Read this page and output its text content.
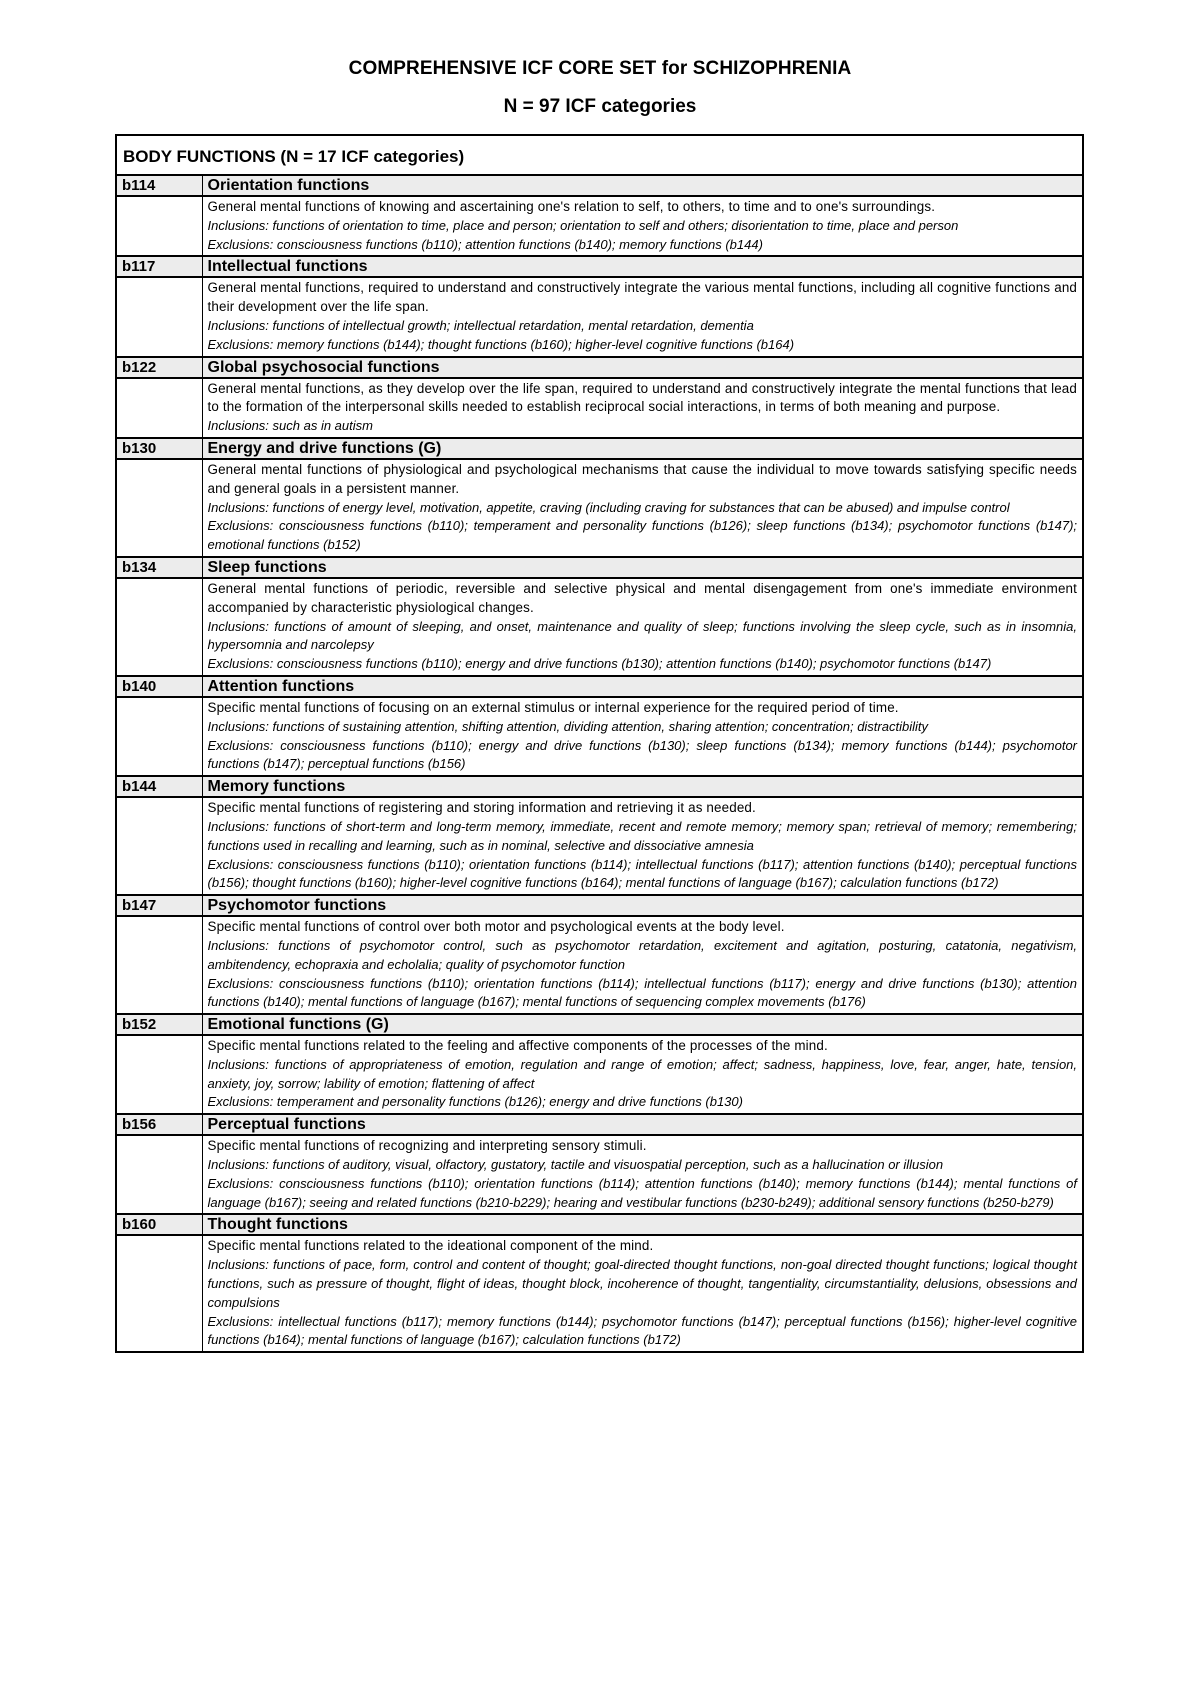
COMPREHENSIVE ICF CORE SET for SCHIZOPHRENIA
N = 97 ICF categories
BODY FUNCTIONS (N = 17 ICF categories)	
b114	Orientation functions

	General mental functions of knowing and ascertaining one's relation to self, to others, to time and to one's surroundings.
Inclusions: functions of orientation to time, place and person; orientation to self and others; disorientation to time, place and person
Exclusions: consciousness functions (b110); attention functions (b140); memory functions (b144)

b117	Intellectual functions

	General mental functions, required to understand and constructively integrate the various mental functions, including all cognitive functions and their development over the life span.
Inclusions: functions of intellectual growth; intellectual retardation, mental retardation, dementia
Exclusions: memory functions (b144); thought functions (b160); higher-level cognitive functions (b164)

b122	Global psychosocial functions

	General mental functions, as they develop over the life span, required to understand and constructively integrate the mental functions that lead to the formation of the interpersonal skills needed to establish reciprocal social interactions, in terms of both meaning and purpose.
Inclusions: such as in autism

b130	Energy and drive functions (G)

	General mental functions of physiological and psychological mechanisms that cause the individual to move towards satisfying specific needs and general goals in a persistent manner.
Inclusions: functions of energy level, motivation, appetite, craving (including craving for substances that can be abused) and impulse control
Exclusions: consciousness functions (b110); temperament and personality functions (b126); sleep functions (b134); psychomotor functions (b147); emotional functions (b152)

b134	Sleep functions

	General mental functions of periodic, reversible and selective physical and mental disengagement from one's immediate environment accompanied by characteristic physiological changes.
Inclusions: functions of amount of sleeping, and onset, maintenance and quality of sleep; functions involving the sleep cycle, such as in insomnia, hypersomnia and narcolepsy
Exclusions: consciousness functions (b110); energy and drive functions (b130); attention functions (b140); psychomotor functions (b147)

b140	Attention functions

	Specific mental functions of focusing on an external stimulus or internal experience for the required period of time.
Inclusions: functions of sustaining attention, shifting attention, dividing attention, sharing attention; concentration; distractibility
Exclusions: consciousness functions (b110); energy and drive functions (b130); sleep functions (b134); memory functions (b144); psychomotor functions (b147); perceptual functions (b156)

b144	Memory functions

	Specific mental functions of registering and storing information and retrieving it as needed.
Inclusions: functions of short-term and long-term memory, immediate, recent and remote memory; memory span; retrieval of memory; remembering; functions used in recalling and learning, such as in nominal, selective and dissociative amnesia
Exclusions: consciousness functions (b110); orientation functions (b114); intellectual functions (b117); attention functions (b140); perceptual functions (b156); thought functions (b160); higher-level cognitive functions (b164); mental functions of language (b167); calculation functions (b172)

b147	Psychomotor functions

	Specific mental functions of control over both motor and psychological events at the body level.
Inclusions: functions of psychomotor control, such as psychomotor retardation, excitement and agitation, posturing, catatonia, negativism, ambitendency, echopraxia and echolalia; quality of psychomotor function
Exclusions: consciousness functions (b110); orientation functions (b114); intellectual functions (b117); energy and drive functions (b130); attention functions (b140); mental functions of language (b167); mental functions of sequencing complex movements (b176)

b152	Emotional functions (G)

	Specific mental functions related to the feeling and affective components of the processes of the mind.
Inclusions: functions of appropriateness of emotion, regulation and range of emotion; affect; sadness, happiness, love, fear, anger, hate, tension, anxiety, joy, sorrow; lability of emotion; flattening of affect
Exclusions: temperament and personality functions (b126); energy and drive functions (b130)

b156	Perceptual functions

	Specific mental functions of recognizing and interpreting sensory stimuli.
Inclusions: functions of auditory, visual, olfactory, gustatory, tactile and visuospatial perception, such as a hallucination or illusion
Exclusions: consciousness functions (b110); orientation functions (b114); attention functions (b140); memory functions (b144); mental functions of language (b167); seeing and related functions (b210-b229); hearing and vestibular functions (b230-b249); additional sensory functions (b250-b279)

b160	Thought functions

	Specific mental functions related to the ideational component of the mind.
Inclusions: functions of pace, form, control and content of thought; goal-directed thought functions, non-goal directed thought functions; logical thought functions, such as pressure of thought, flight of ideas, thought block, incoherence of thought, tangentiality, circumstantiality, delusions, obsessions and compulsions
Exclusions: intellectual functions (b117); memory functions (b144); psychomotor functions (b147); perceptual functions (b156); higher-level cognitive functions (b164); mental functions of language (b167); calculation functions (b172)
